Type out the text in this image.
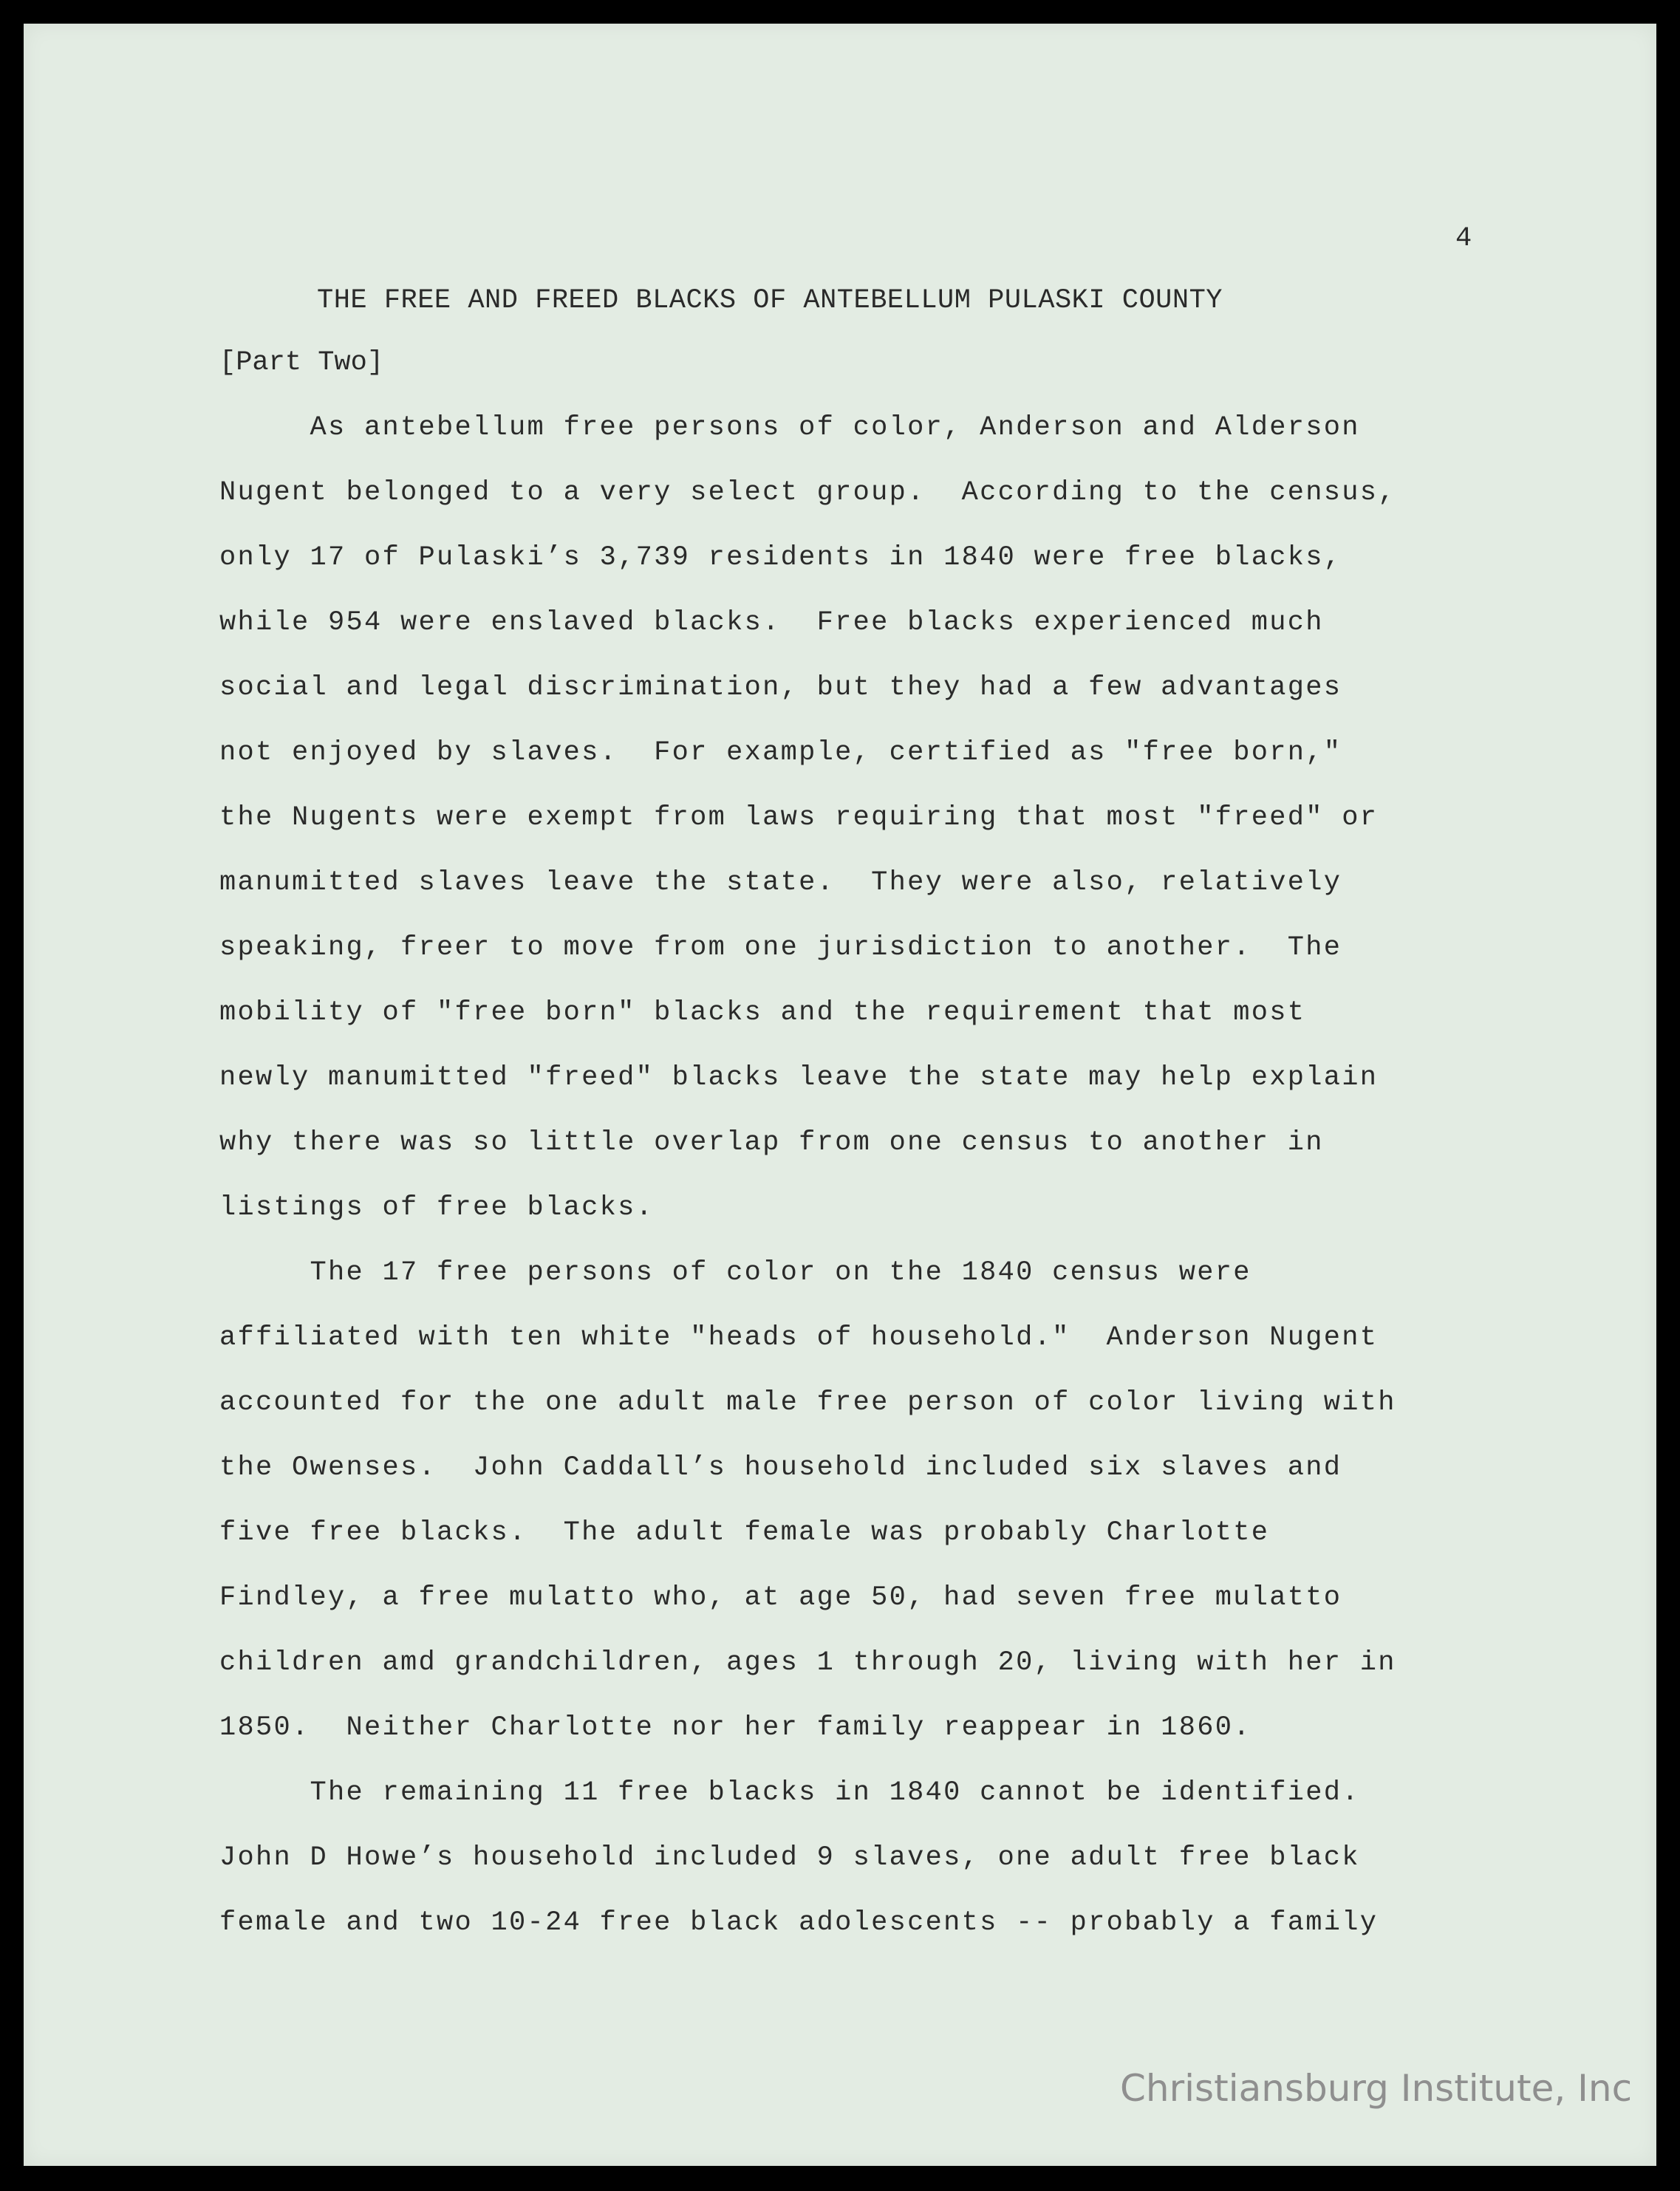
4
THE FREE AND FREED BLACKS OF ANTEBELLUM PULASKI COUNTY
[Part Two]
As antebellum free persons of color, Anderson and Alderson
Nugent belonged to a very select group.  According to the census,
only 17 of Pulaski’s 3,739 residents in 1840 were free blacks,
while 954 were enslaved blacks.  Free blacks experienced much
social and legal discrimination, but they had a few advantages
not enjoyed by slaves.  For example, certified as "free born,"
the Nugents were exempt from laws requiring that most "freed" or
manumitted slaves leave the state.  They were also, relatively
speaking, freer to move from one jurisdiction to another.  The
mobility of "free born" blacks and the requirement that most
newly manumitted "freed" blacks leave the state may help explain
why there was so little overlap from one census to another in
listings of free blacks.
The 17 free persons of color on the 1840 census were
affiliated with ten white "heads of household."  Anderson Nugent
accounted for the one adult male free person of color living with
the Owenses.  John Caddall’s household included six slaves and
five free blacks.  The adult female was probably Charlotte
Findley, a free mulatto who, at age 50, had seven free mulatto
children amd grandchildren, ages 1 through 20, living with her in
1850.  Neither Charlotte nor her family reappear in 1860.
The remaining 11 free blacks in 1840 cannot be identified.
John D Howe’s household included 9 slaves, one adult free black
female and two 10-24 free black adolescents -- probably a family
Christiansburg Institute, Inc
